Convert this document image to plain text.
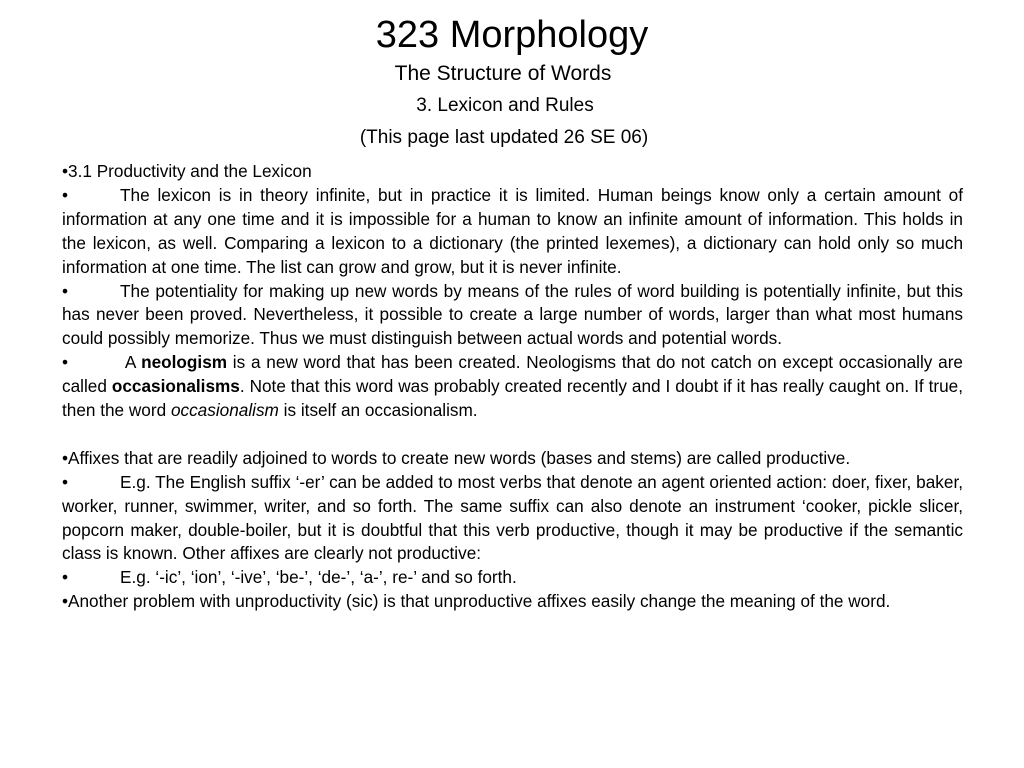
323 Morphology
The Structure of Words
3. Lexicon and Rules
(This page last updated 26 SE 06)

•3.1 Productivity and the Lexicon

•	The lexicon is in theory infinite, but in practice it is limited. Human beings know only a certain amount of information at any one time and it is impossible for a human to know an infinite amount of information. This holds in the lexicon, as well. Comparing a lexicon to a dictionary (the printed lexemes), a dictionary can hold only so much information at one time. The list can grow and grow, but it is never infinite.

•	The potentiality for making up new words by means of the rules of word building is potentially infinite, but this has never been proved. Nevertheless, it possible to create a large number of words, larger than what most humans could possibly memorize. Thus we must distinguish between actual words and potential words.

•	A neologism is a new word that has been created. Neologisms that do not catch on except occasionally are called occasionalisms. Note that this word was probably created recently and I doubt if it has really caught on. If true, then the word occasionalism is itself an occasionalism.

•Affixes that are readily adjoined to words to create new words (bases and stems) are called productive.

•	E.g. The English suffix ‘-er’ can be added to most verbs that denote an agent oriented action: doer, fixer, baker, worker, runner, swimmer, writer, and so forth. The same suffix can also denote an instrument ‘cooker, pickle slicer, popcorn maker, double-boiler, but it is doubtful that this verb productive, though it may be productive if the semantic class is known. Other affixes are clearly not productive:

•	E.g. ‘-ic’, ‘ion’, ‘-ive’, ‘be-’, ‘de-’, ‘a-’, re-’ and so forth.

•Another problem with unproductivity (sic) is that unproductive affixes easily change the meaning of the word.
